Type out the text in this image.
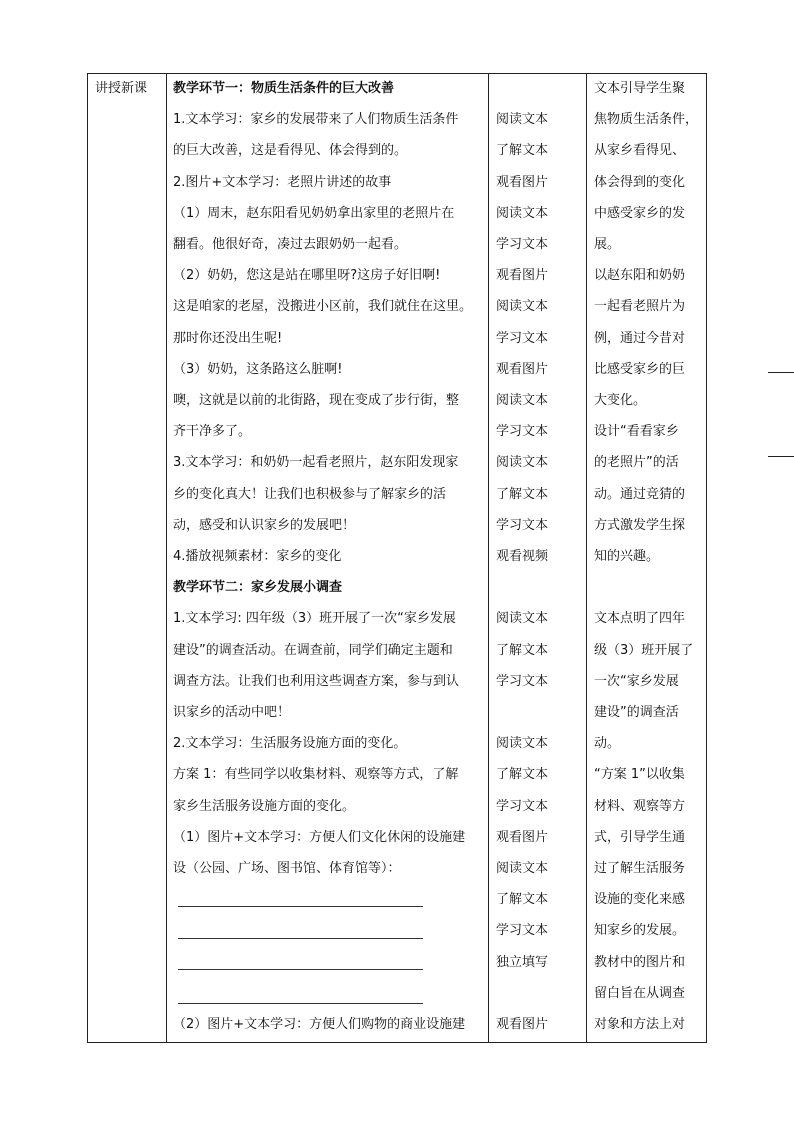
讲授新课 教学环节一：物质生活条件的巨大改善
1.文本学习：家乡的发展带来了人们物质生活条件
的巨大改善，这是看得见、体会得到的。
2.图片+文本学习：老照片讲述的故事
（1）周末，赵东阳看见奶奶拿出家里的老照片在
翻看。他很好奇，凑过去跟奶奶一起看。
（2）奶奶，您这是站在哪里呀?这房子好旧啊!
这是咱家的老屋，没搬进小区前，我们就住在这里。
那时你还没出生呢!
（3）奶奶，这条路这么脏啊!
噢，这就是以前的北街路，现在变成了步行街，整
齐干净多了。
3.文本学习：和奶奶一起看老照片，赵东阳发现家
乡的变化真大！让我们也积极参与了解家乡的活
动，感受和认识家乡的发展吧！
4.播放视频素材：家乡的变化
教学环节二：家乡发展小调查
1.文本学习: 四年级（3）班开展了一次“家乡发展
建设”的调查活动。在调查前，同学们确定主题和
调查方法。让我们也利用这些调查方案，参与到认
识家乡的活动中吧！
2.文本学习：生活服务设施方面的变化。
方案 1：有些同学以收集材料、观察等方式，了解
家乡生活服务设施方面的变化。
（1）图片+文本学习：方便人们文化休闲的设施建
设（公园、广场、图书馆、体育馆等）：
（2）图片+文本学习：方便人们购物的商业设施建
阅读文本
了解文本
观看图片
阅读文本
学习文本
观看图片
阅读文本
学习文本
观看图片
阅读文本
学习文本
阅读文本
了解文本
学习文本
观看视频
阅读文本
了解文本
学习文本
阅读文本
了解文本
学习文本
观看图片
阅读文本
了解文本
学习文本
独立填写
观看图片
文本引导学生聚
焦物质生活条件，
从家乡看得见、
体会得到的变化
中感受家乡的发
展。
以赵东阳和奶奶
一起看老照片为
例，通过今昔对
比感受家乡的巨
大变化。
设计“看看家乡
的老照片”的活
动。通过竞猜的
方式激发学生探
知的兴趣。
文本点明了四年
级（3）班开展了
一次“家乡发展
建设”的调查活
动。
“方案 1”以收集
材料、观察等方
式，引导学生通
过了解生活服务
设施的变化来感
知家乡的发展。
教材中的图片和
留白旨在从调查
对象和方法上对
